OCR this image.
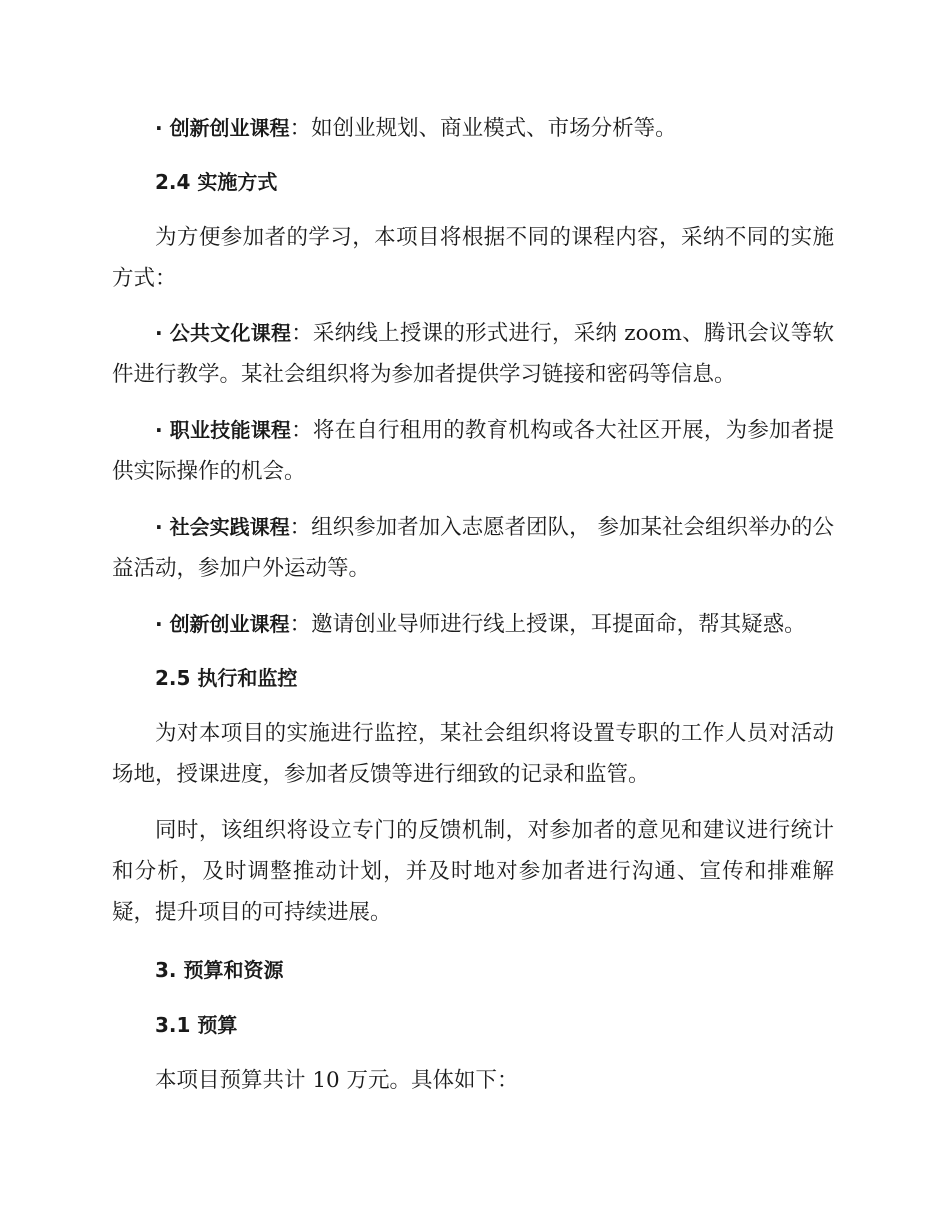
· 创新创业课程：如创业规划、商业模式、市场分析等。
2.4 实施方式
为方便参加者的学习，本项目将根据不同的课程内容，采纳不同的实施方式：
· 公共文化课程：采纳线上授课的形式进行，采纳 zoom、腾讯会议等软件进行教学。某社会组织将为参加者提供学习链接和密码等信息。
· 职业技能课程：将在自行租用的教育机构或各大社区开展，为参加者提供实际操作的机会。
· 社会实践课程：组织参加者加入志愿者团队， 参加某社会组织举办的公益活动，参加户外运动等。
· 创新创业课程：邀请创业导师进行线上授课，耳提面命，帮其疑惑。
2.5 执行和监控
为对本项目的实施进行监控，某社会组织将设置专职的工作人员对活动场地，授课进度，参加者反馈等进行细致的记录和监管。
同时，该组织将设立专门的反馈机制，对参加者的意见和建议进行统计和分析，及时调整推动计划，并及时地对参加者进行沟通、宣传和排难解疑，提升项目的可持续进展。
3. 预算和资源
3.1 预算
本项目预算共计 10 万元。具体如下：
